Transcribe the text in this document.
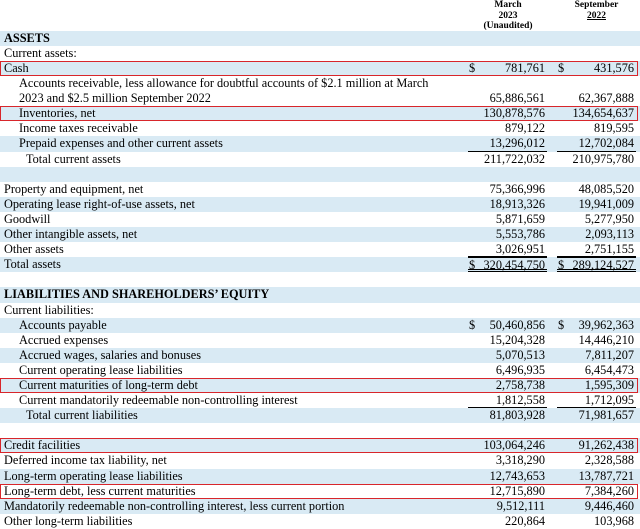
March
2023
(Unaudited)
September
2022
ASSETS
Current assets:
Cash	$ 781,761 $ 431,576
Accounts receivable, less allowance for doubtful accounts of $2.1 million at March 2023 and $2.5 million September 2022	65,886,561	62,367,888
Inventories, net	130,878,576 134,654,637
Income taxes receivable	879,122	819,595
Prepaid expenses and other current assets	13,296,012	12,702,084
Total current assets	211,722,032 210,975,780
Property and equipment, net	75,366,996	48,085,520
Operating lease right-of-use assets, net	18,913,326	19,941,009
Goodwill	5,871,659	5,277,950
Other intangible assets, net	5,553,786	2,093,113
Other assets	3,026,951	2,751,155
Total assets	$ 320,454,750 $ 289,124,527
LIABILITIES AND SHAREHOLDERS’ EQUITY
Current liabilities:
Accounts payable	$ 50,460,856 $ 39,962,363
Accrued expenses	15,204,328	14,446,210
Accrued wages, salaries and bonuses	5,070,513	7,811,207
Current operating lease liabilities	6,496,935	6,454,473
Current maturities of long-term debt	2,758,738	1,595,309
Current mandatorily redeemable non-controlling interest	1,812,558	1,712,095
Total current liabilities	81,803,928	71,981,657
Credit facilities	103,064,246	91,262,438
Deferred income tax liability, net	3,318,290	2,328,588
Long-term operating lease liabilities	12,743,653	13,787,721
Long-term debt, less current maturities	12,715,890	7,384,260
Mandatorily redeemable non-controlling interest, less current portion	9,512,111	9,446,460
Other long-term liabilities	220,864	103,968
